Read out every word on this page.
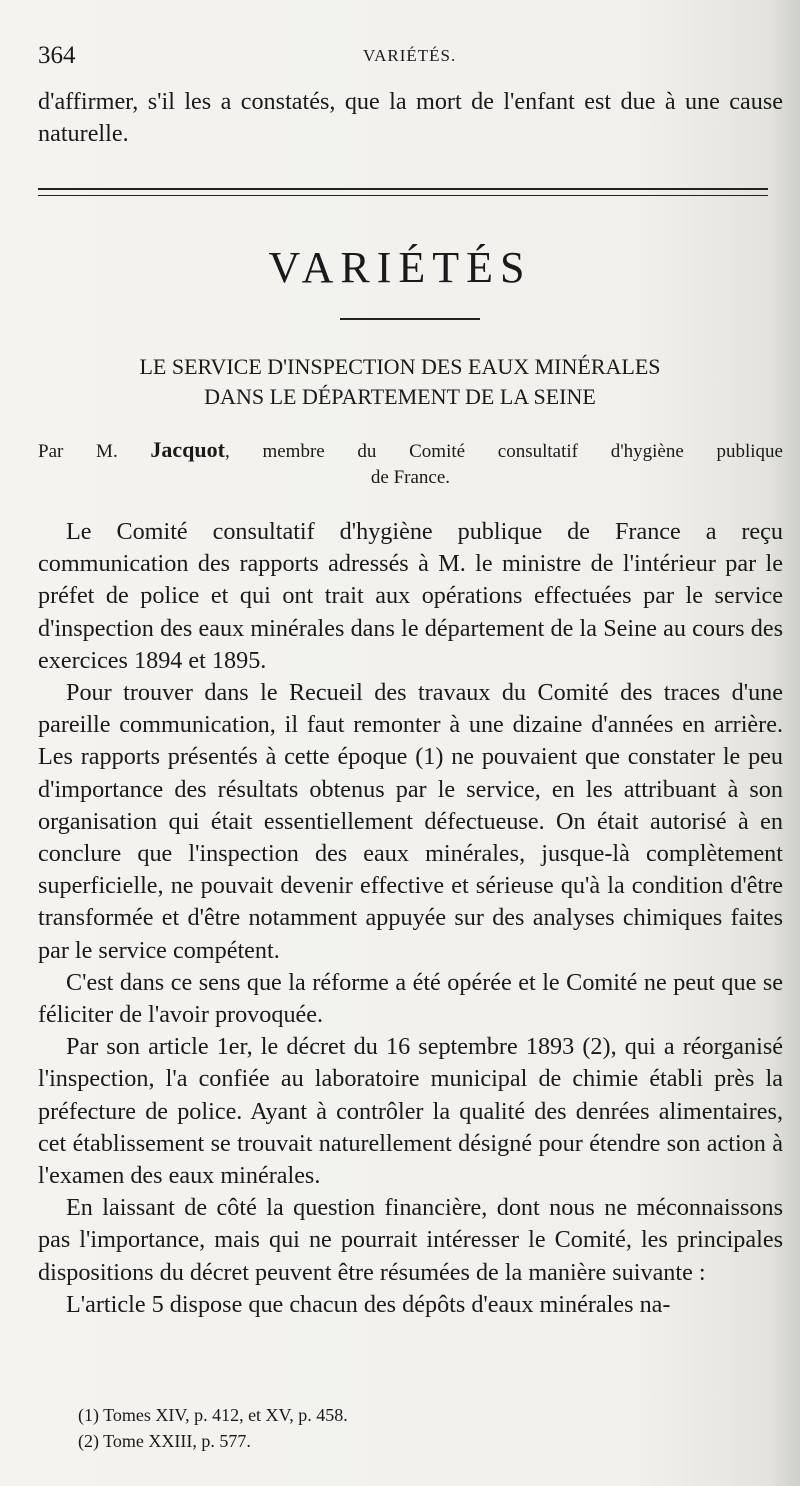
364	VARIÉTÉS.

d'affirmer, s'il les a constatés, que la mort de l'enfant est due à une cause naturelle.

VARIÉTÉS
LE SERVICE D'INSPECTION DES EAUX MINÉRALES
DANS LE DÉPARTEMENT DE LA SEINE
Par M. Jacquot, membre du Comité consultatif d'hygiène publique
de France.

Le Comité consultatif d'hygiène publique de France a reçu communication des rapports adressés à M. le ministre de l'intérieur par le préfet de police et qui ont trait aux opérations effectuées par le service d'inspection des eaux minérales dans le département de la Seine au cours des exercices 1894 et 1895.

Pour trouver dans le Recueil des travaux du Comité des traces d'une pareille communication, il faut remonter à une dizaine d'années en arrière. Les rapports présentés à cette époque (1) ne pouvaient que constater le peu d'importance des résultats obtenus par le service, en les attribuant à son organisation qui était essentiellement défectueuse. On était autorisé à en conclure que l'inspection des eaux minérales, jusque-là complètement superficielle, ne pouvait devenir effective et sérieuse qu'à la condition d'être transformée et d'être notamment appuyée sur des analyses chimiques faites par le service compétent.

C'est dans ce sens que la réforme a été opérée et le Comité ne peut que se féliciter de l'avoir provoquée.

Par son article 1er, le décret du 16 septembre 1893 (2), qui a réorganisé l'inspection, l'a confiée au laboratoire municipal de chimie établi près la préfecture de police. Ayant à contrôler la qualité des denrées alimentaires, cet établissement se trouvait naturellement désigné pour étendre son action à l'examen des eaux minérales.

En laissant de côté la question financière, dont nous ne méconnaissons pas l'importance, mais qui ne pourrait intéresser le Comité, les principales dispositions du décret peuvent être résumées de la manière suivante :

L'article 5 dispose que chacun des dépôts d'eaux minérales na-

(1) Tomes XIV, p. 412, et XV, p. 458.
(2) Tome XXIII, p. 577.
